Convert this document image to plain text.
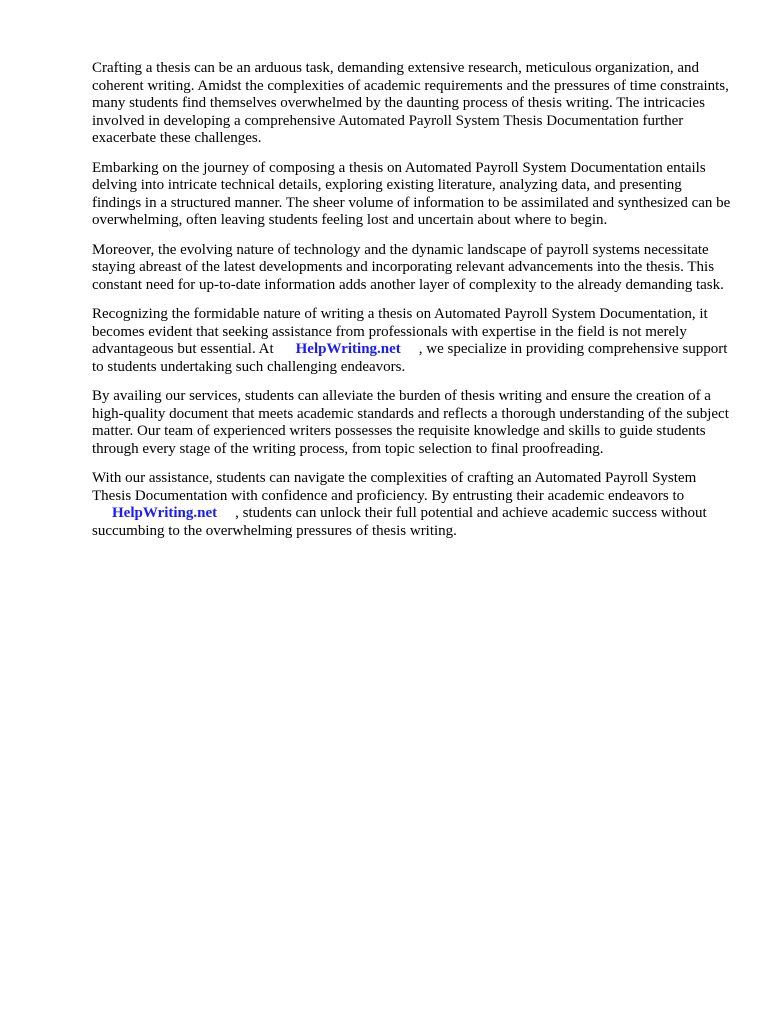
Crafting a thesis can be an arduous task, demanding extensive research, meticulous organization, and coherent writing. Amidst the complexities of academic requirements and the pressures of time constraints, many students find themselves overwhelmed by the daunting process of thesis writing. The intricacies involved in developing a comprehensive Automated Payroll System Thesis Documentation further exacerbate these challenges.

Embarking on the journey of composing a thesis on Automated Payroll System Documentation entails delving into intricate technical details, exploring existing literature, analyzing data, and presenting findings in a structured manner. The sheer volume of information to be assimilated and synthesized can be overwhelming, often leaving students feeling lost and uncertain about where to begin.

Moreover, the evolving nature of technology and the dynamic landscape of payroll systems necessitate staying abreast of the latest developments and incorporating relevant advancements into the thesis. This constant need for up-to-date information adds another layer of complexity to the already demanding task.

Recognizing the formidable nature of writing a thesis on Automated Payroll System Documentation, it becomes evident that seeking assistance from professionals with expertise in the field is not merely advantageous but essential. At HelpWriting.net , we specialize in providing comprehensive support to students undertaking such challenging endeavors.

By availing our services, students can alleviate the burden of thesis writing and ensure the creation of a high-quality document that meets academic standards and reflects a thorough understanding of the subject matter. Our team of experienced writers possesses the requisite knowledge and skills to guide students through every stage of the writing process, from topic selection to final proofreading.

With our assistance, students can navigate the complexities of crafting an Automated Payroll System Thesis Documentation with confidence and proficiency. By entrusting their academic endeavors to
HelpWriting.net , students can unlock their full potential and achieve academic success without succumbing to the overwhelming pressures of thesis writing.
